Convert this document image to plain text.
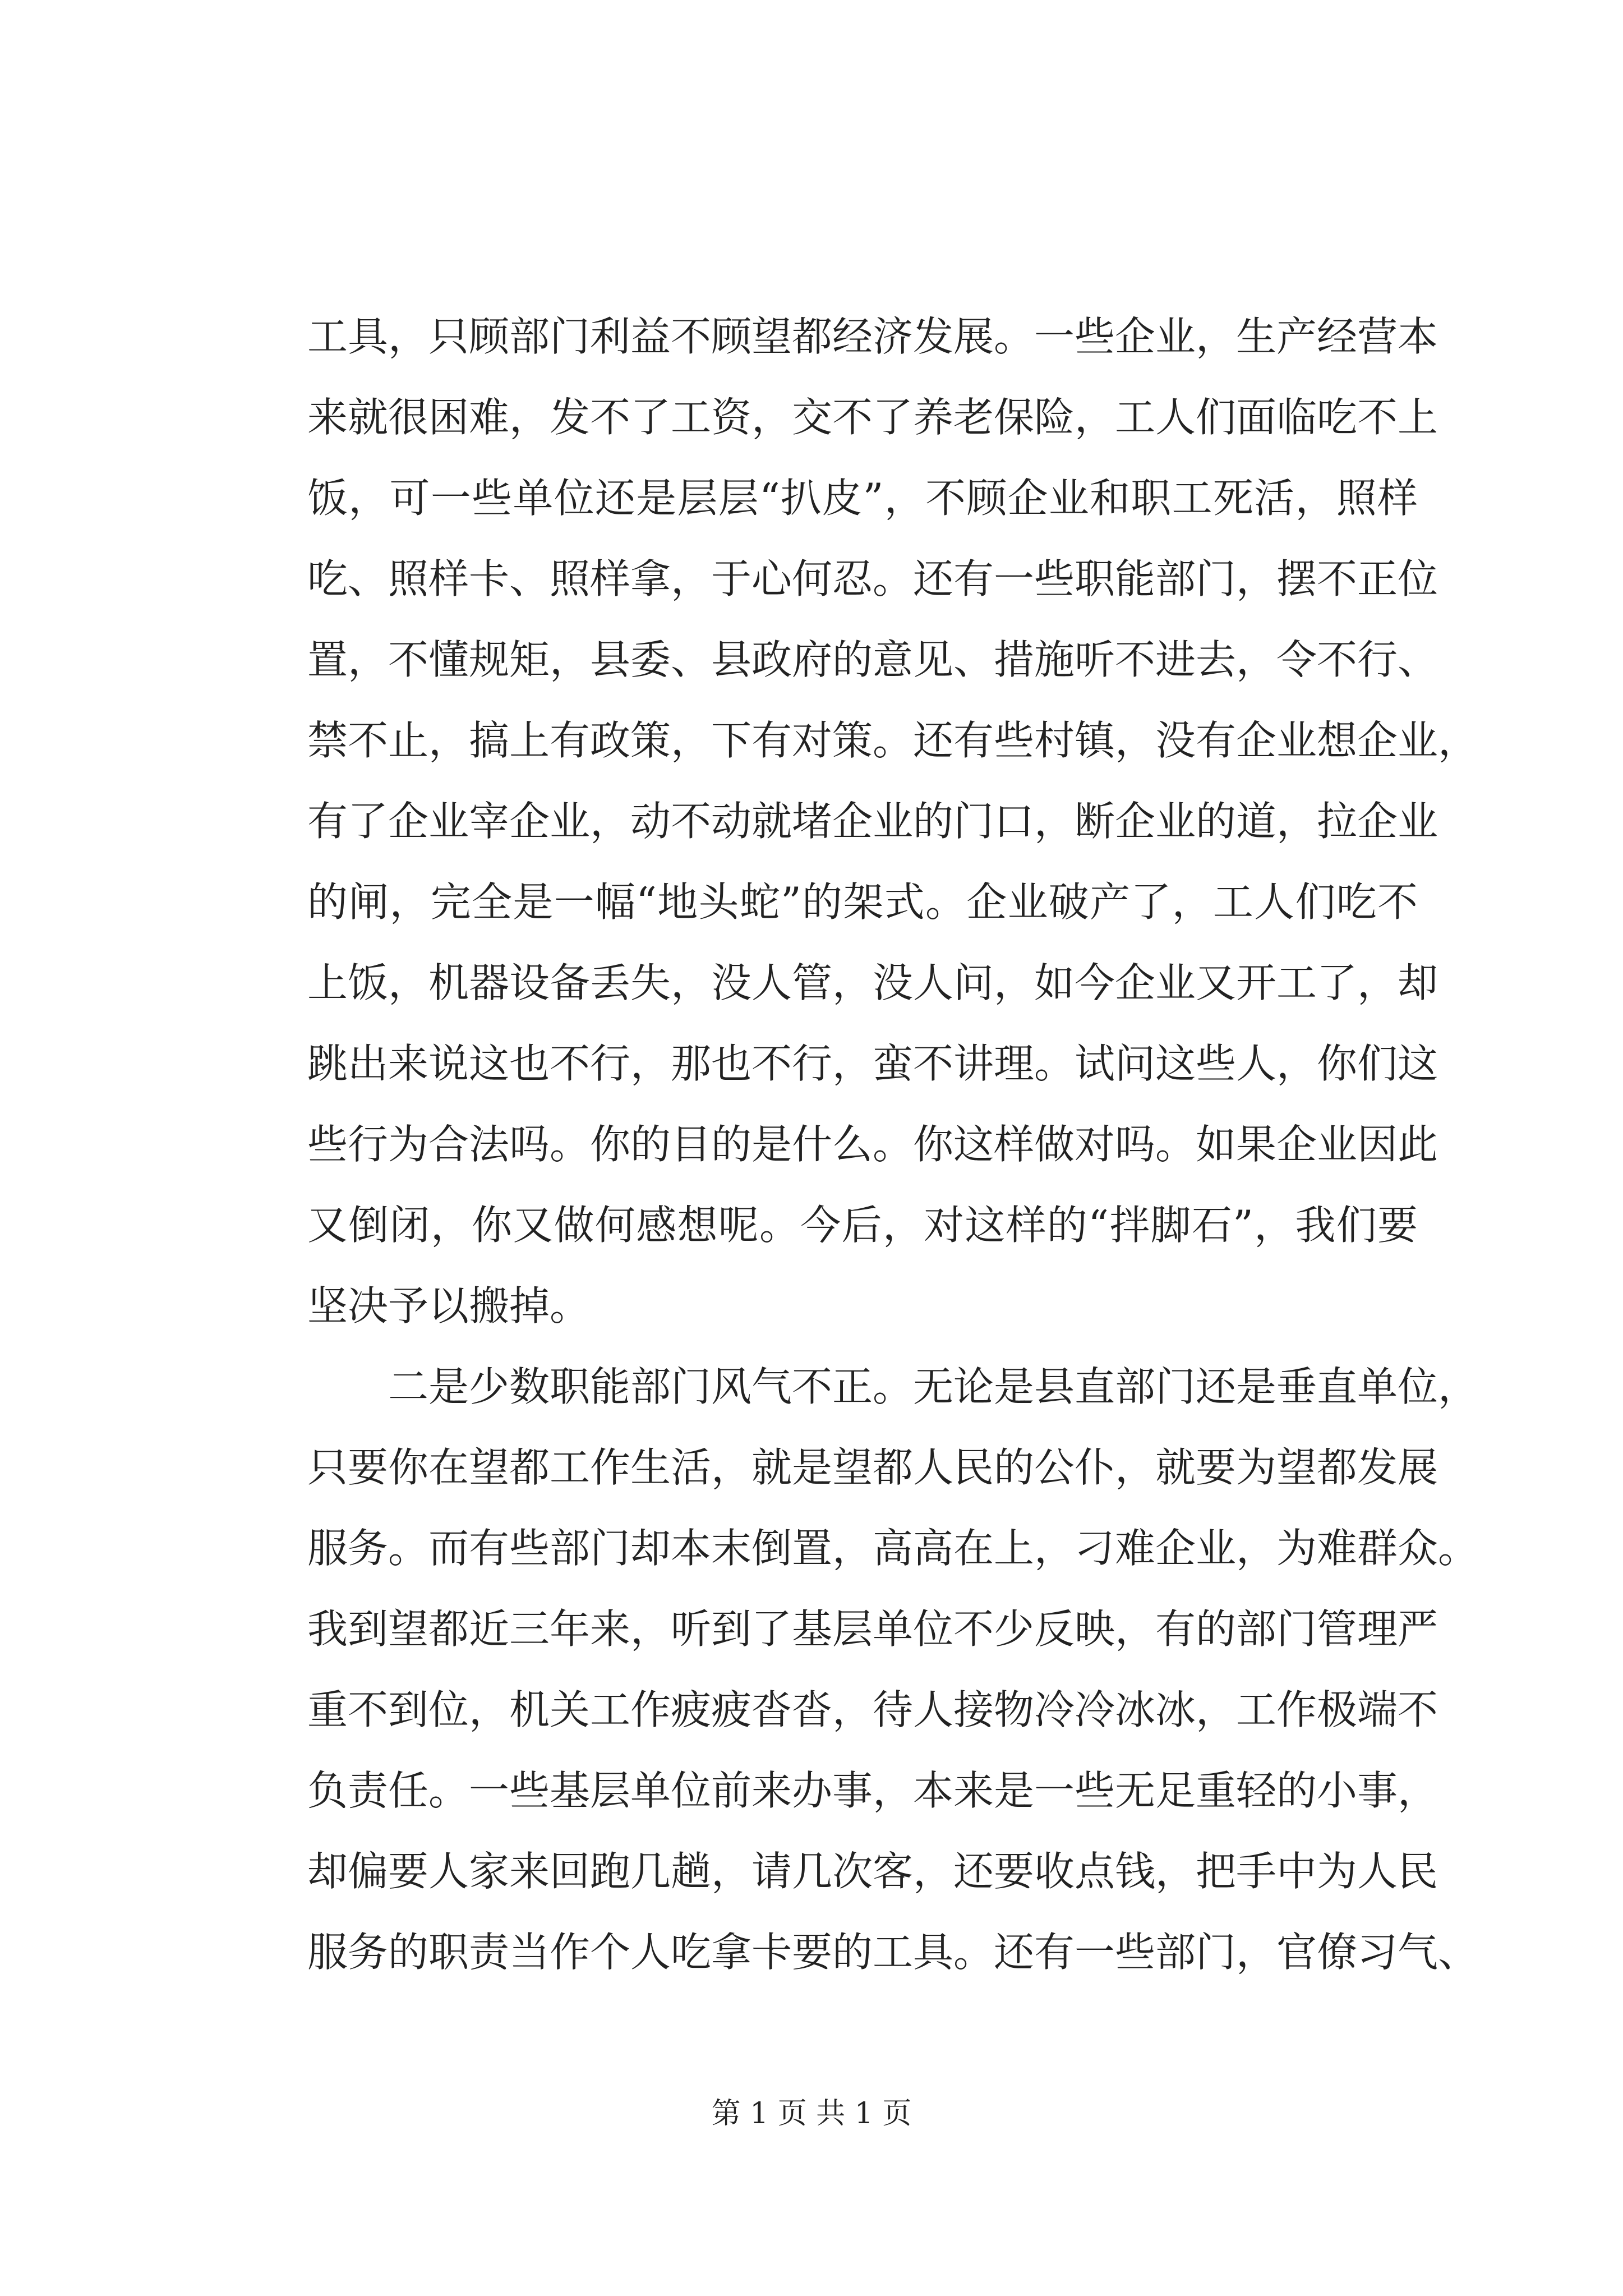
工具，只顾部门利益不顾望都经济发展。一些企业，生产经营本
来就很困难，发不了工资，交不了养老保险，工人们面临吃不上
饭，可一些单位还是层层“扒皮”，不顾企业和职工死活，照样
吃、照样卡、照样拿，于心何忍。还有一些职能部门，摆不正位
置，不懂规矩，县委、县政府的意见、措施听不进去，令不行、
禁不止，搞上有政策，下有对策。还有些村镇，没有企业想企业，
有了企业宰企业，动不动就堵企业的门口，断企业的道，拉企业
的闸，完全是一幅“地头蛇”的架式。企业破产了，工人们吃不
上饭，机器设备丢失，没人管，没人问，如今企业又开工了，却
跳出来说这也不行，那也不行，蛮不讲理。试问这些人，你们这
些行为合法吗。你的目的是什么。你这样做对吗。如果企业因此
又倒闭，你又做何感想呢。今后，对这样的“拌脚石”，我们要
坚决予以搬掉。
　　二是少数职能部门风气不正。无论是县直部门还是垂直单位，
只要你在望都工作生活，就是望都人民的公仆，就要为望都发展
服务。而有些部门却本末倒置，高高在上，刁难企业，为难群众。
我到望都近三年来，听到了基层单位不少反映，有的部门管理严
重不到位，机关工作疲疲沓沓，待人接物冷冷冰冰，工作极端不
负责任。一些基层单位前来办事，本来是一些无足重轻的小事，
却偏要人家来回跑几趟，请几次客，还要收点钱，把手中为人民
服务的职责当作个人吃拿卡要的工具。还有一些部门，官僚习气、
第 1 页 共 1 页
